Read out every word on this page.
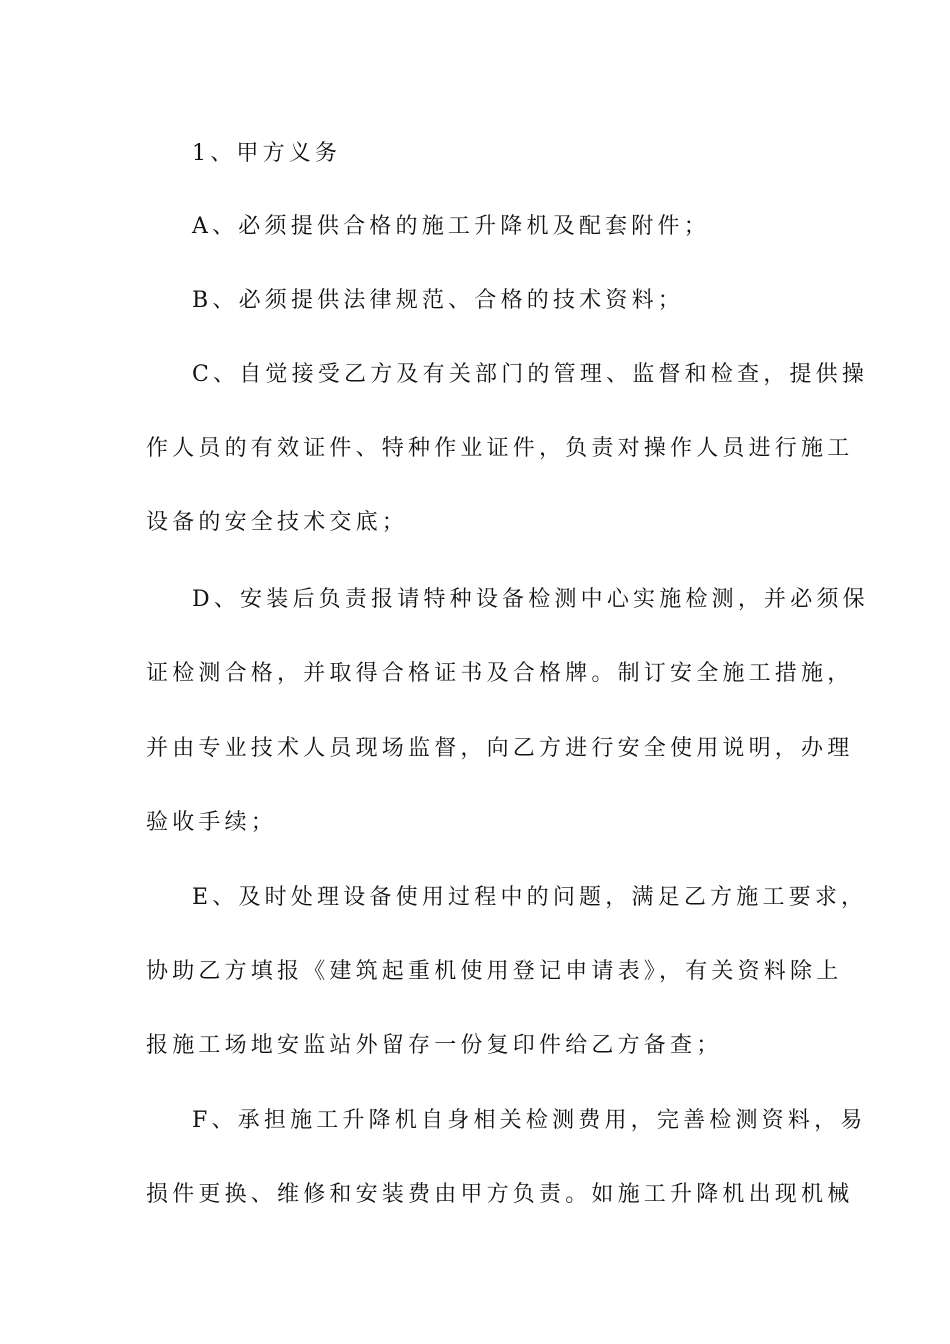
1、甲方义务
A、必须提供合格的施工升降机及配套附件；
B、必须提供法律规范、合格的技术资料；
C、自觉接受乙方及有关部门的管理、监督和检查，提供操
作人员的有效证件、特种作业证件，负责对操作人员进行施工
设备的安全技术交底；
D、安装后负责报请特种设备检测中心实施检测，并必须保
证检测合格，并取得合格证书及合格牌。制订安全施工措施，
并由专业技术人员现场监督，向乙方进行安全使用说明，办理
验收手续；
E、及时处理设备使用过程中的问题，满足乙方施工要求，
协助乙方填报《建筑起重机使用登记申请表》，有关资料除上
报施工场地安监站外留存一份复印件给乙方备查；
F、承担施工升降机自身相关检测费用，完善检测资料，易
损件更换、维修和安装费由甲方负责。如施工升降机出现机械
